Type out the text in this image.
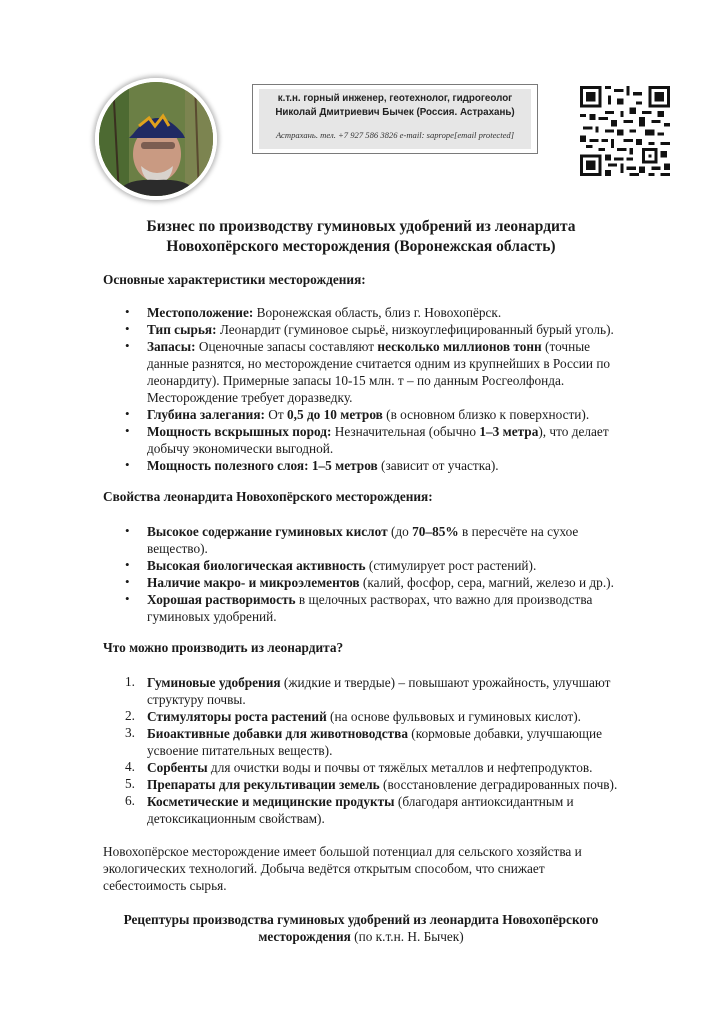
к.т.н. горный инженер, геотехнолог, гидрогеолог
Николай Дмитриевич Бычек (Россия. Астрахань)
Астрахань. тел. +7 927 586 3826 e-mail: saprope[email protected]
Бизнес по производству гуминовых удобрений из леонардита
Новохопёрского месторождения (Воронежская область)
Основные характеристики месторождения:
• Местоположение: Воронежская область, близ г. Новохопёрск.
• Тип сырья: Леонардит (гуминовое сырьё, низкоуглефицированный бурый уголь).
• Запасы: Оценочные запасы составляют несколько миллионов тонн (точные
данные разнятся, но месторождение считается одним из крупнейших в России по
леонардиту). Примерные запасы 10-15 млн. т – по данным Росгеолфонда.
Месторождение требует доразведку.
• Глубина залегания: От 0,5 до 10 метров (в основном близко к поверхности).
• Мощность вскрышных пород: Незначительная (обычно 1–3 метра), что делает
добычу экономически выгодной.
• Мощность полезного слоя: 1–5 метров (зависит от участка).
Свойства леонардита Новохопёрского месторождения:
• Высокое содержание гуминовых кислот (до 70–85% в пересчёте на сухое
вещество).
• Высокая биологическая активность (стимулирует рост растений).
• Наличие макро- и микроэлементов (калий, фосфор, сера, магний, железо и др.).
• Хорошая растворимость в щелочных растворах, что важно для производства
гуминовых удобрений.
Что можно производить из леонардита?
1. Гуминовые удобрения (жидкие и твердые) – повышают урожайность, улучшают
структуру почвы.
2. Стимуляторы роста растений (на основе фульвовых и гуминовых кислот).
3. Биоактивные добавки для животноводства (кормовые добавки, улучшающие
усвоение питательных веществ).
4. Сорбенты для очистки воды и почвы от тяжёлых металлов и нефтепродуктов.
5. Препараты для рекультивации земель (восстановление деградированных почв).
6. Косметические и медицинские продукты (благодаря антиоксидантным и
детоксикационным свойствам).
Новохопёрское месторождение имеет большой потенциал для сельского хозяйства и
экологических технологий. Добыча ведётся открытым способом, что снижает
себестоимость сырья.
Рецептуры производства гуминовых удобрений из леонардита Новохопёрского
месторождения (по к.т.н. Н. Бычек)
